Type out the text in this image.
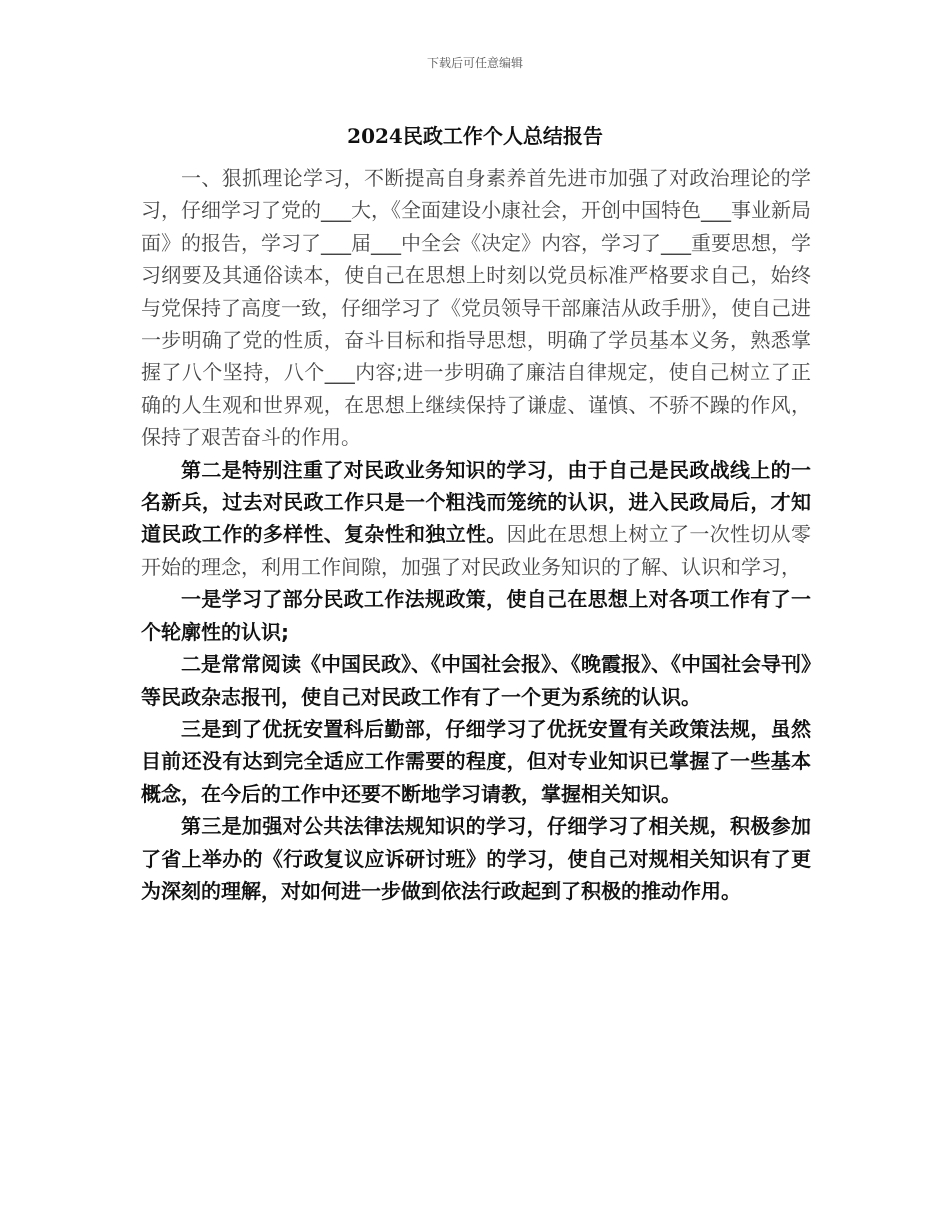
下载后可任意编辑
2024民政工作个人总结报告

一、狠抓理论学习，不断提高自身素养首先进市加强了对政治理论的学习，仔细学习了党的___大，《全面建设小康社会，开创中国特色___事业新局面》的报告，学习了___届___中全会《决定》内容，学习了___重要思想，学习纲要及其通俗读本，使自己在思想上时刻以党员标准严格要求自己，始终与党保持了高度一致，仔细学习了《党员领导干部廉洁从政手册》，使自己进一步明确了党的性质，奋斗目标和指导思想，明确了学员基本义务，熟悉掌握了八个坚持，八个___内容;进一步明确了廉洁自律规定，使自己树立了正确的人生观和世界观，在思想上继续保持了谦虚、谨慎、不骄不躁的作风，保持了艰苦奋斗的作用。

第二是特别注重了对民政业务知识的学习，由于自己是民政战线上的一名新兵，过去对民政工作只是一个粗浅而笼统的认识，进入民政局后，才知道民政工作的多样性、复杂性和独立性。因此在思想上树立了一次性切从零开始的理念，利用工作间隙，加强了对民政业务知识的了解、认识和学习，

一是学习了部分民政工作法规政策，使自己在思想上对各项工作有了一个轮廓性的认识;

二是常常阅读《中国民政》、《中国社会报》、《晚霞报》、《中国社会导刊》等民政杂志报刊，使自己对民政工作有了一个更为系统的认识。

三是到了优抚安置科后勤部，仔细学习了优抚安置有关政策法规，虽然目前还没有达到完全适应工作需要的程度，但对专业知识已掌握了一些基本概念，在今后的工作中还要不断地学习请教，掌握相关知识。

第三是加强对公共法律法规知识的学习，仔细学习了相关规，积极参加了省上举办的《行政复议应诉研讨班》的学习，使自己对规相关知识有了更为深刻的理解，对如何进一步做到依法行政起到了积极的推动作用。
